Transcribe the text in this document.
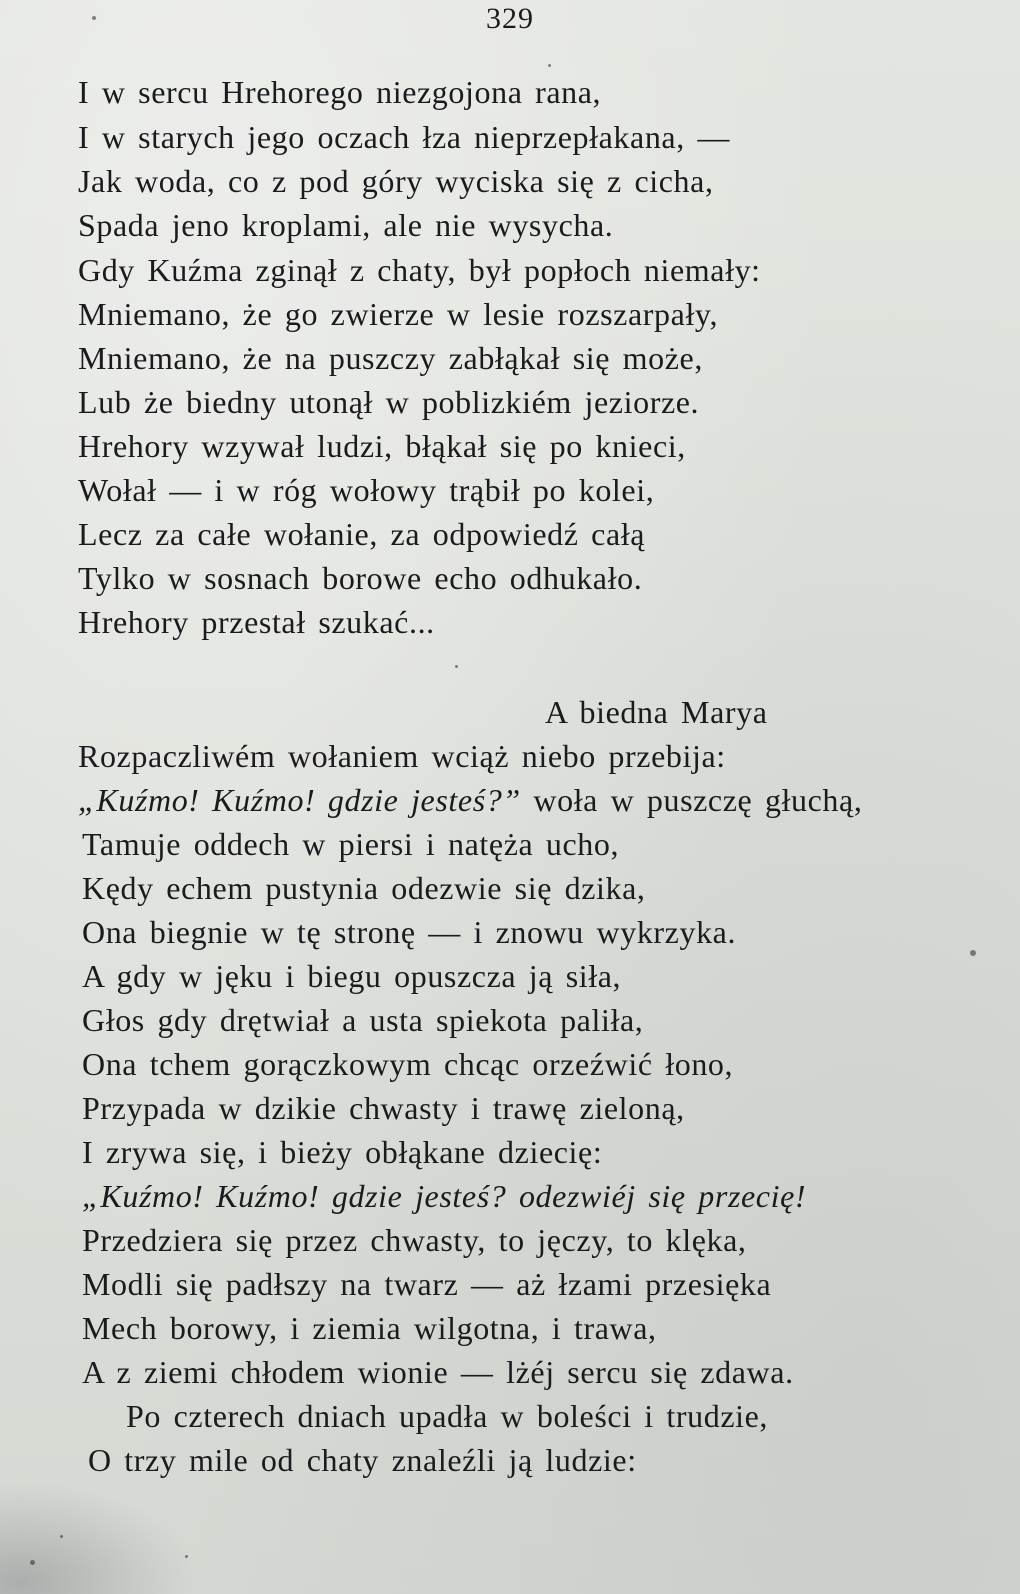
329
I w sercu Hrehorego niezgojona rana,
I w starych jego oczach łza nieprzepłakana, —
Jak woda, co z pod góry wyciska się z cicha,
Spada jeno kroplami, ale nie wysycha.
Gdy Kuźma zginął z chaty, był popłoch niemały:
Mniemano, że go zwierze w lesie rozszarpały,
Mniemano, że na puszczy zabłąkał się może,
Lub że biedny utonął w poblizkiém jeziorze.
Hrehory wzywał ludzi, błąkał się po knieci,
Wołał — i w róg wołowy trąbił po kolei,
Lecz za całe wołanie, za odpowiedź całą
Tylko w sosnach borowe echo odhukało.
Hrehory przestał szukać...
A biedna Marya
Rozpaczliwém wołaniem wciąż niebo przebija:
„Kuźmo! Kuźmo! gdzie jesteś?” woła w puszczę głuchą,
Tamuje oddech w piersi i natęża ucho,
Kędy echem pustynia odezwie się dzika,
Ona biegnie w tę stronę — i znowu wykrzyka.
A gdy w jęku i biegu opuszcza ją siła,
Głos gdy drętwiał a usta spiekota paliła,
Ona tchem gorączkowym chcąc orzeźwić łono,
Przypada w dzikie chwasty i trawę zieloną,
I zrywa się, i bieży obłąkane dziecię:
„Kuźmo! Kuźmo! gdzie jesteś? odezwiéj się przecię!
Przedziera się przez chwasty, to jęczy, to klęka,
Modli się padłszy na twarz — aż łzami przesięka
Mech borowy, i ziemia wilgotna, i trawa,
A z ziemi chłodem wionie — lżéj sercu się zdawa.
Po czterech dniach upadła w boleści i trudzie,
O trzy mile od chaty znaleźli ją ludzie:
